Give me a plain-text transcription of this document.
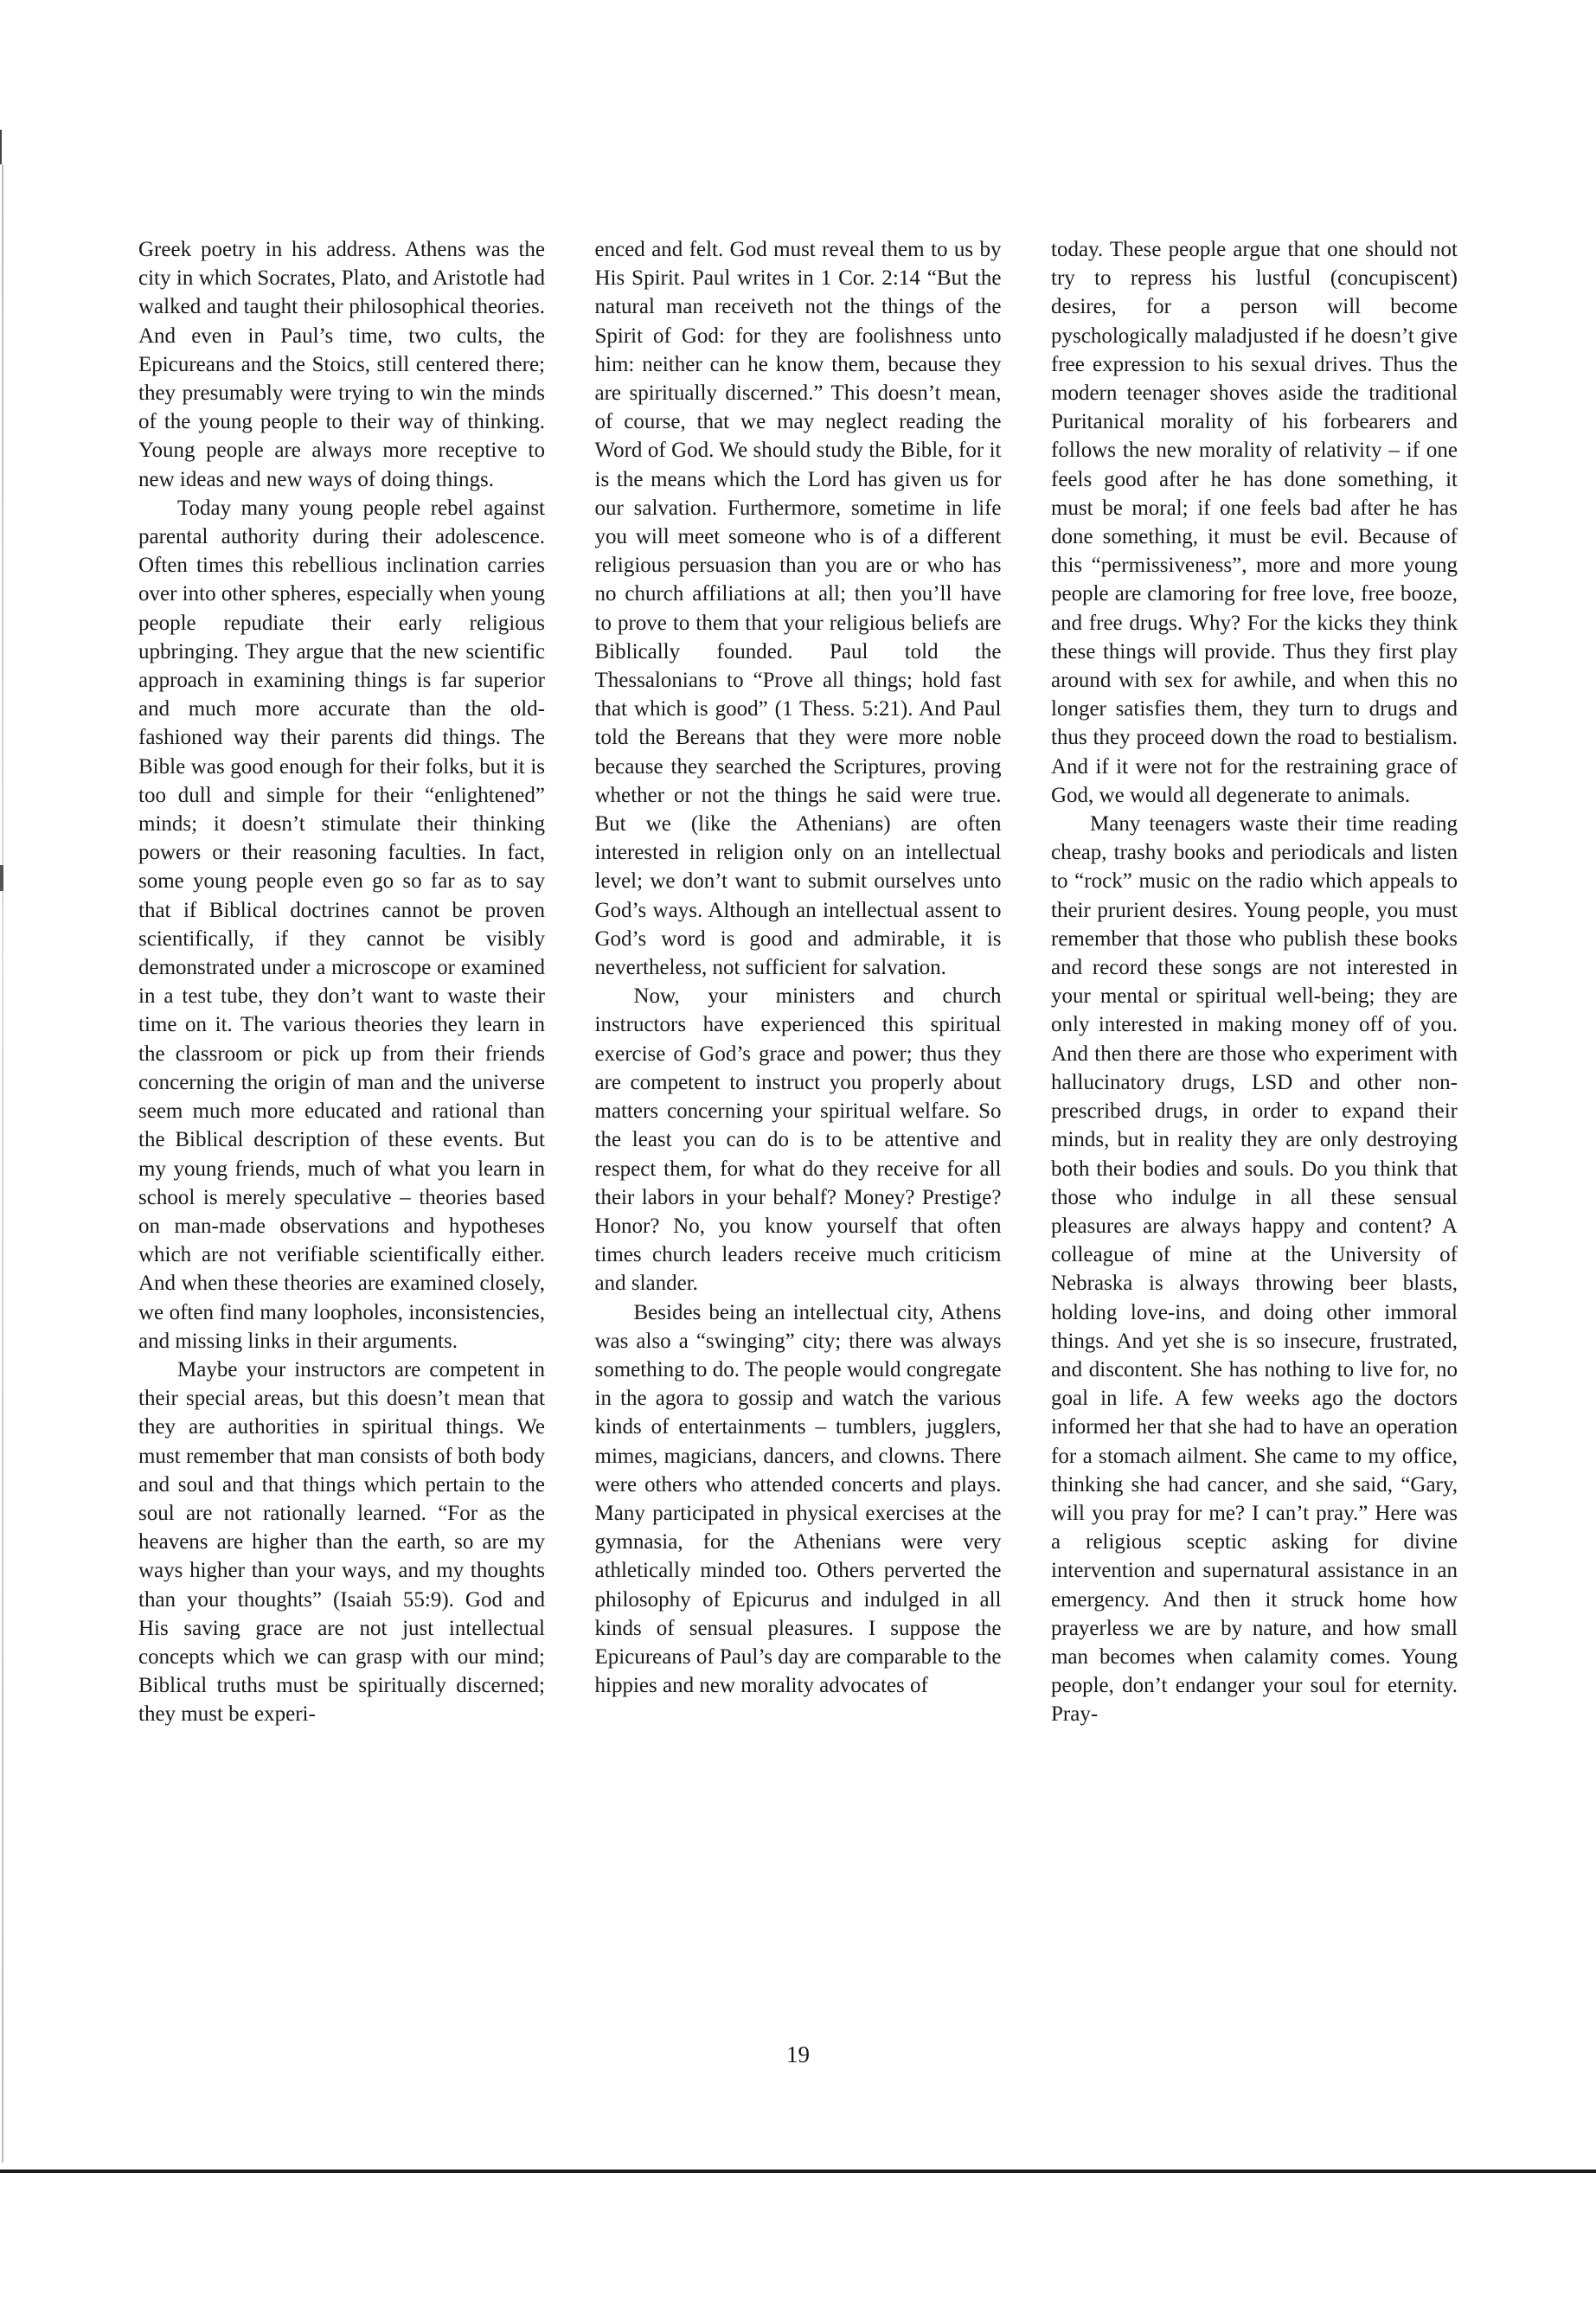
Greek poetry in his address. Athens was the city in which Socrates, Plato, and Aristotle had walked and taught their philosophical theories. And even in Paul’s time, two cults, the Epicureans and the Stoics, still centered there; they presumably were trying to win the minds of the young people to their way of thinking. Young people are always more receptive to new ideas and new ways of doing things.

Today many young people rebel against parental authority during their adolescence. Often times this rebellious inclination carries over into other spheres, especially when young people repudiate their early religious upbringing. They argue that the new scientific approach in examining things is far superior and much more accurate than the old-fashioned way their parents did things. The Bible was good enough for their folks, but it is too dull and simple for their “enlightened” minds; it doesn’t stimulate their thinking powers or their reasoning faculties. In fact, some young people even go so far as to say that if Biblical doctrines cannot be proven scientifically, if they cannot be visibly demonstrated under a microscope or examined in a test tube, they don’t want to waste their time on it. The various theories they learn in the classroom or pick up from their friends concerning the origin of man and the universe seem much more educated and rational than the Biblical description of these events. But my young friends, much of what you learn in school is merely speculative – theories based on man-made observations and hypotheses which are not verifiable scientifically either. And when these theories are examined closely, we often find many loopholes, inconsistencies, and missing links in their arguments.

Maybe your instructors are competent in their special areas, but this doesn’t mean that they are authorities in spiritual things. We must remember that man consists of both body and soul and that things which pertain to the soul are not rationally learned. “For as the heavens are higher than the earth, so are my ways higher than your ways, and my thoughts than your thoughts” (Isaiah 55:9). God and His saving grace are not just intellectual concepts which we can grasp with our mind; Biblical truths must be spiritually discerned; they must be experi-

enced and felt. God must reveal them to us by His Spirit. Paul writes in 1 Cor. 2:14 “But the natural man receiveth not the things of the Spirit of God: for they are foolishness unto him: neither can he know them, because they are spiritually discerned.” This doesn’t mean, of course, that we may neglect reading the Word of God. We should study the Bible, for it is the means which the Lord has given us for our salvation. Furthermore, sometime in life you will meet someone who is of a different religious persuasion than you are or who has no church affiliations at all; then you’ll have to prove to them that your religious beliefs are Biblically founded. Paul told the Thessalonians to “Prove all things; hold fast that which is good” (1 Thess. 5:21). And Paul told the Bereans that they were more noble because they searched the Scriptures, proving whether or not the things he said were true. But we (like the Athenians) are often interested in religion only on an intellectual level; we don’t want to submit ourselves unto God’s ways. Although an intellectual assent to God’s word is good and admirable, it is nevertheless, not sufficient for salvation.

Now, your ministers and church instructors have experienced this spiritual exercise of God’s grace and power; thus they are competent to instruct you properly about matters concerning your spiritual welfare. So the least you can do is to be attentive and respect them, for what do they receive for all their labors in your behalf? Money? Prestige? Honor? No, you know yourself that often times church leaders receive much criticism and slander.

Besides being an intellectual city, Athens was also a “swinging” city; there was always something to do. The people would congregate in the agora to gossip and watch the various kinds of entertainments – tumblers, jugglers, mimes, magicians, dancers, and clowns. There were others who attended concerts and plays. Many participated in physical exercises at the gymnasia, for the Athenians were very athletically minded too. Others perverted the philosophy of Epicurus and indulged in all kinds of sensual pleasures. I suppose the Epicureans of Paul’s day are comparable to the hippies and new morality advocates of

today. These people argue that one should not try to repress his lustful (concupiscent) desires, for a person will become pyschologically maladjusted if he doesn’t give free expression to his sexual drives. Thus the modern teenager shoves aside the traditional Puritanical morality of his forbearers and follows the new morality of relativity – if one feels good after he has done something, it must be moral; if one feels bad after he has done something, it must be evil. Because of this “permissiveness”, more and more young people are clamoring for free love, free booze, and free drugs. Why? For the kicks they think these things will provide. Thus they first play around with sex for awhile, and when this no longer satisfies them, they turn to drugs and thus they proceed down the road to bestialism. And if it were not for the restraining grace of God, we would all degenerate to animals.

Many teenagers waste their time reading cheap, trashy books and periodicals and listen to “rock” music on the radio which appeals to their prurient desires. Young people, you must remember that those who publish these books and record these songs are not interested in your mental or spiritual well-being; they are only interested in making money off of you. And then there are those who experiment with hallucinatory drugs, LSD and other non-prescribed drugs, in order to expand their minds, but in reality they are only destroying both their bodies and souls. Do you think that those who indulge in all these sensual pleasures are always happy and content? A colleague of mine at the University of Nebraska is always throwing beer blasts, holding love-ins, and doing other immoral things. And yet she is so insecure, frustrated, and discontent. She has nothing to live for, no goal in life. A few weeks ago the doctors informed her that she had to have an operation for a stomach ailment. She came to my office, thinking she had cancer, and she said, “Gary, will you pray for me? I can’t pray.” Here was a religious sceptic asking for divine intervention and supernatural assistance in an emergency. And then it struck home how prayerless we are by nature, and how small man becomes when calamity comes. Young people, don’t endanger your soul for eternity. Pray-

19
